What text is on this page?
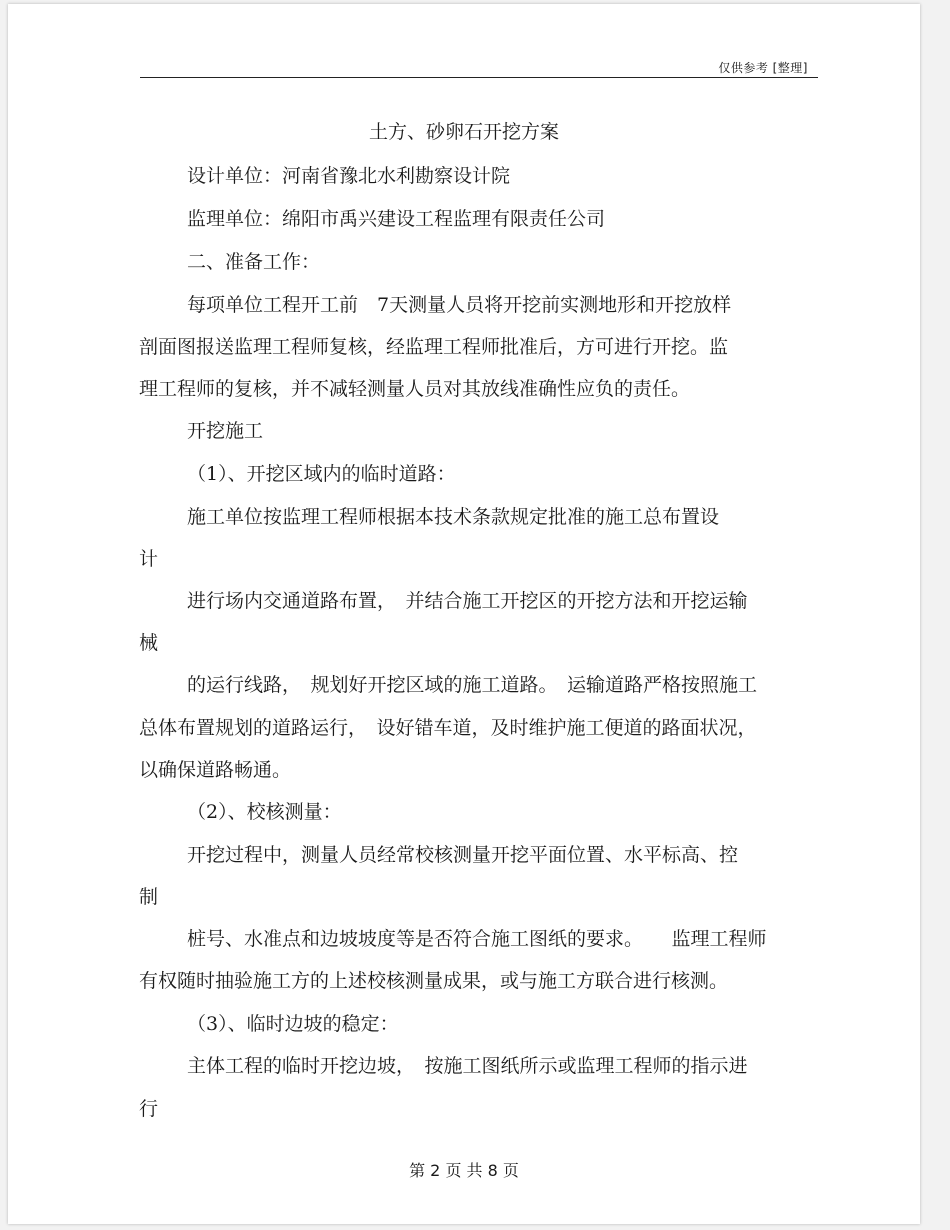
仅供参考 [整理]
土方、砂卵石开挖方案
设计单位：河南省豫北水利勘察设计院
监理单位：绵阳市禹兴建设工程监理有限责任公司
二、准备工作：
每项单位工程开工前　7天测量人员将开挖前实测地形和开挖放样
剖面图报送监理工程师复核，经监理工程师批准后，方可进行开挖。监
理工程师的复核，并不减轻测量人员对其放线准确性应负的责任。
开挖施工
（1）、开挖区域内的临时道路：
施工单位按监理工程师根据本技术条款规定批准的施工总布置设
计
进行场内交通道路布置，　并结合施工开挖区的开挖方法和开挖运输
械
的运行线路，　规划好开挖区域的施工道路。　运输道路严格按照施工
总体布置规划的道路运行，　设好错车道，及时维护施工便道的路面状况，
以确保道路畅通。
（2）、校核测量：
开挖过程中，测量人员经常校核测量开挖平面位置、水平标高、控
制
桩号、水准点和边坡坡度等是否符合施工图纸的要求。　　监理工程师
有权随时抽验施工方的上述校核测量成果，或与施工方联合进行核测。
（3）、临时边坡的稳定：
主体工程的临时开挖边坡，　按施工图纸所示或监理工程师的指示进
行
第 2 页 共 8 页
